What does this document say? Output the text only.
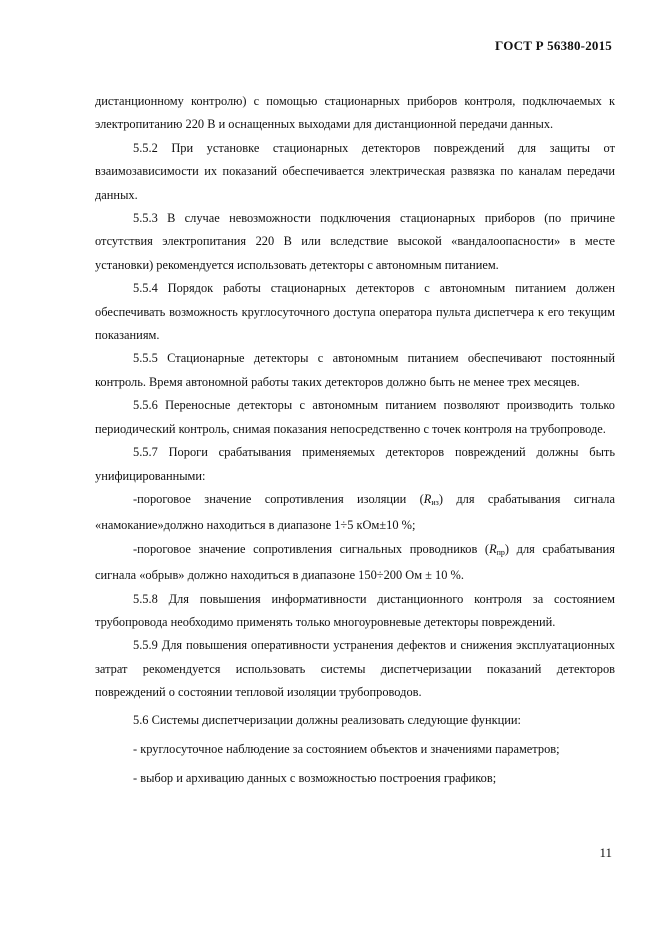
ГОСТ Р 56380-2015

дистанционному контролю) с помощью стационарных приборов контроля, подключаемых к электропитанию 220 В и оснащенных выходами для дистанционной передачи данных.

5.5.2 При установке стационарных детекторов повреждений для защиты от взаимозависимости их показаний обеспечивается электрическая развязка по каналам передачи данных.

5.5.3 В случае невозможности подключения стационарных приборов (по причине отсутствия электропитания 220 В или вследствие высокой «вандалоопасности» в месте установки) рекомендуется использовать детекторы с автономным питанием.

5.5.4 Порядок работы стационарных детекторов с автономным питанием должен обеспечивать возможность круглосуточного доступа оператора пульта диспетчера к его текущим показаниям.

5.5.5 Стационарные детекторы с автономным питанием обеспечивают постоянный контроль. Время автономной работы таких детекторов должно быть не менее трех месяцев.

5.5.6 Переносные детекторы с автономным питанием позволяют производить только периодический контроль, снимая показания непосредственно с точек контроля на трубопроводе.

5.5.7 Пороги срабатывания применяемых детекторов повреждений должны быть унифицированными:

-пороговое значение сопротивления изоляции $(R_{из})$ для срабатывания сигнала «намокание»должно находиться в диапазоне 1÷5 кОм±10 %;

-пороговое значение сопротивления сигнальных проводников $(R_{пр})$ для срабатывания сигнала «обрыв» должно находиться в диапазоне 150÷200 Ом ± 10 %.

5.5.8 Для повышения информативности дистанционного контроля за состоянием трубопровода необходимо применять только многоуровневые детекторы повреждений.

5.5.9 Для повышения оперативности устранения дефектов и снижения эксплуатационных затрат рекомендуется использовать системы диспетчеризации показаний детекторов повреждений о состоянии тепловой изоляции трубопроводов.

5.6 Системы диспетчеризации должны реализовать следующие функции:

- круглосуточное наблюдение за состоянием объектов и значениями параметров;

- выбор и архивацию данных с возможностью построения графиков;

11
